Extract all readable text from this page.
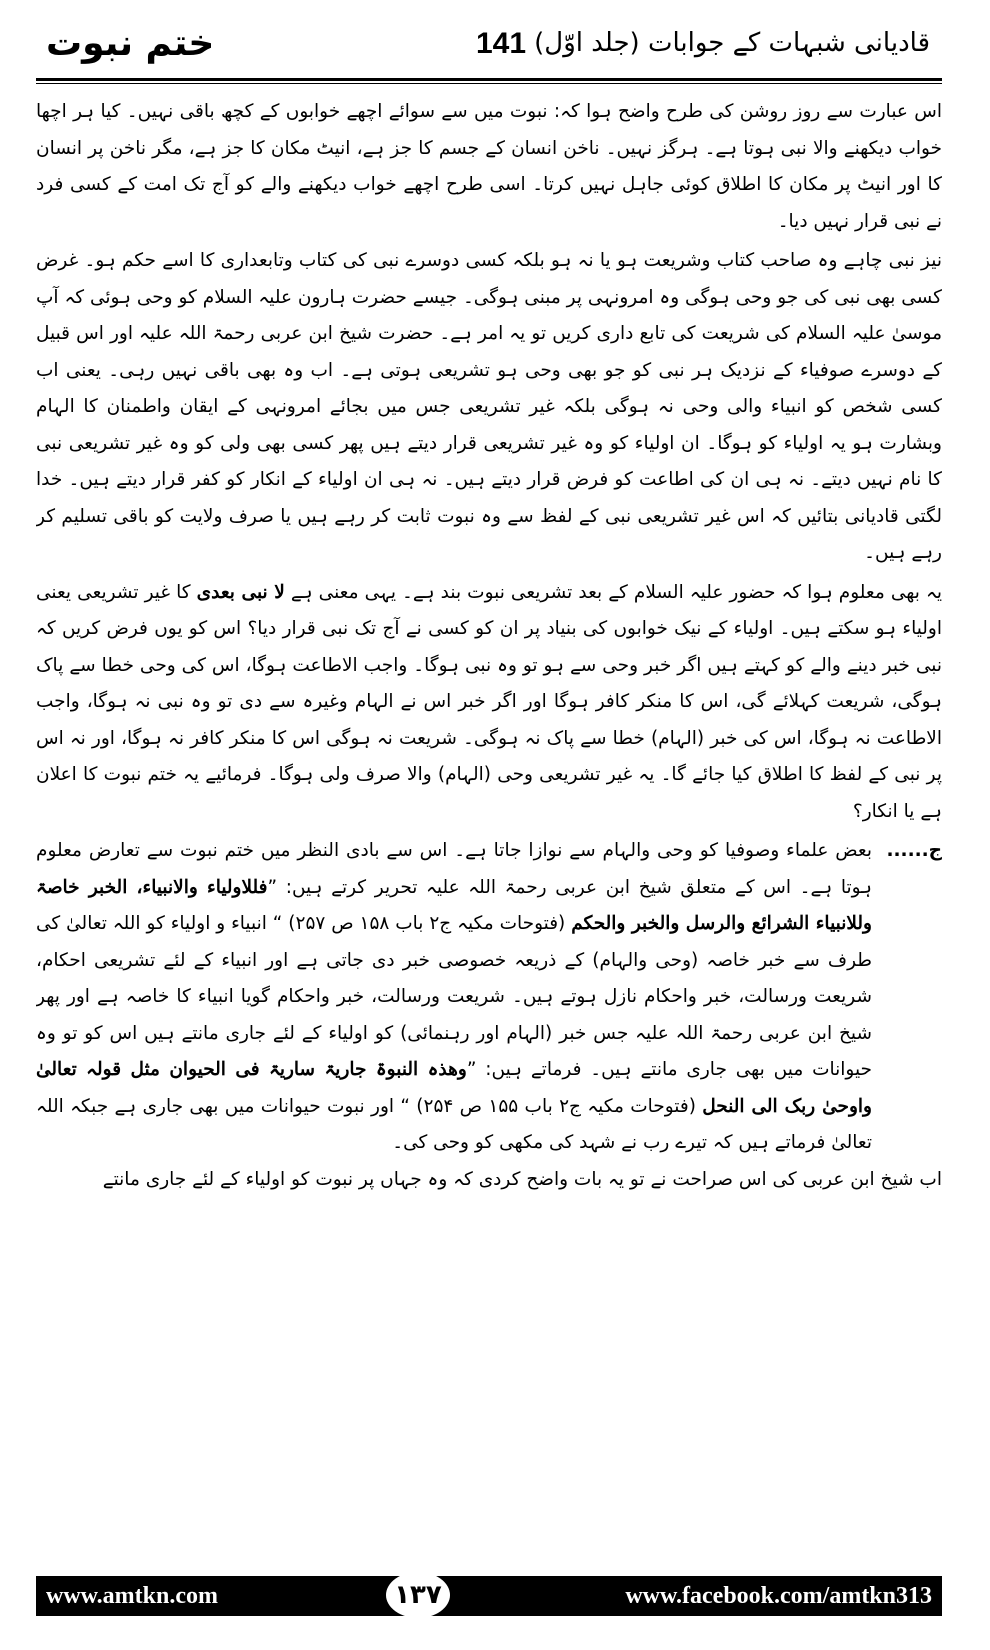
ختم نبوت	141 قادیانی شبہات کے جوابات (جلد اوّل)

اس عبارت سے روز روشن کی طرح واضح ہوا کہ: نبوت میں سے سوائے اچھے خوابوں کے کچھ باقی نہیں۔ کیا ہر اچھا خواب دیکھنے والا نبی ہوتا ہے۔ ہرگز نہیں۔ ناخن انسان کے جسم کا جز ہے، انیٹ مکان کا جز ہے، مگر ناخن پر انسان کا اور انیٹ پر مکان کا اطلاق کوئی جاہل نہیں کرتا۔ اسی طرح اچھے خواب دیکھنے والے کو آج تک امت کے کسی فرد نے نبی قرار نہیں دیا۔

نیز نبی چاہے وہ صاحب کتاب وشریعت ہو یا نہ ہو بلکہ کسی دوسرے نبی کی کتاب وتابعداری کا اسے حکم ہو۔ غرض کسی بھی نبی کی جو وحی ہوگی وہ امرونہی پر مبنی ہوگی۔ جیسے حضرت ہارون علیہ السلام کو وحی ہوئی کہ آپ موسیٰ علیہ السلام کی شریعت کی تابع داری کریں تو یہ امر ہے۔ حضرت شیخ ابن عربی رحمۃ اللہ علیہ اور اس قبیل کے دوسرے صوفیاء کے نزدیک ہر نبی کو جو بھی وحی ہو تشریعی ہوتی ہے۔ اب وہ بھی باقی نہیں رہی۔ یعنی اب کسی شخص کو انبیاء والی وحی نہ ہوگی بلکہ غیر تشریعی جس میں بجائے امرونہی کے ایقان واطمنان کا الہام وبشارت ہو یہ اولیاء کو ہوگا۔ ان اولیاء کو وہ غیر تشریعی قرار دیتے ہیں پھر کسی بھی ولی کو وہ غیر تشریعی نبی کا نام نہیں دیتے۔ نہ ہی ان کی اطاعت کو فرض قرار دیتے ہیں۔ نہ ہی ان اولیاء کے انکار کو کفر قرار دیتے ہیں۔ خدا لگتی قادیانی بتائیں کہ اس غیر تشریعی نبی کے لفظ سے وہ نبوت ثابت کر رہے ہیں یا صرف ولایت کو باقی تسلیم کر رہے ہیں۔

یہ بھی معلوم ہوا کہ حضور علیہ السلام کے بعد تشریعی نبوت بند ہے۔ یہی معنی ہے لا نبی بعدی کا غیر تشریعی یعنی اولیاء ہو سکتے ہیں۔ اولیاء کے نیک خوابوں کی بنیاد پر ان کو کسی نے آج تک نبی قرار دیا؟ اس کو یوں فرض کریں کہ نبی خبر دینے والے کو کہتے ہیں اگر خبر وحی سے ہو تو وہ نبی ہوگا۔ واجب الاطاعت ہوگا، اس کی وحی خطا سے پاک ہوگی، شریعت کہلائے گی، اس کا منکر کافر ہوگا اور اگر خبر اس نے الہام وغیرہ سے دی تو وہ نبی نہ ہوگا، واجب الاطاعت نہ ہوگا، اس کی خبر (الہام) خطا سے پاک نہ ہوگی۔ شریعت نہ ہوگی اس کا منکر کافر نہ ہوگا، اور نہ اس پر نبی کے لفظ کا اطلاق کیا جائے گا۔ یہ غیر تشریعی وحی (الہام) والا صرف ولی ہوگا۔ فرمائیے یہ ختم نبوت کا اعلان ہے یا انکار؟

ج......
بعض علماء وصوفیا کو وحی والہام سے نوازا جاتا ہے۔ اس سے بادی النظر میں ختم نبوت سے تعارض معلوم ہوتا ہے۔ اس کے متعلق شیخ ابن عربی رحمۃ اللہ علیہ تحریر کرتے ہیں: ”فللاولیاء والانبیاء، الخبر خاصۃ وللانبیاء الشرائع والرسل والخبر والحکم (فتوحات مکیہ ج۲ باب ۱۵۸ ص ۲۵۷) “ انبیاء و اولیاء کو اللہ تعالیٰ کی طرف سے خبر خاصہ (وحی والہام) کے ذریعہ خصوصی خبر دی جاتی ہے اور انبیاء کے لئے تشریعی احکام، شریعت ورسالت، خبر واحکام نازل ہوتے ہیں۔ شریعت ورسالت، خبر واحکام گویا انبیاء کا خاصہ ہے اور پھر شیخ ابن عربی رحمۃ اللہ علیہ جس خبر (الہام اور رہنمائی) کو اولیاء کے لئے جاری مانتے ہیں اس کو تو وہ حیوانات میں بھی جاری مانتے ہیں۔ فرماتے ہیں: ”وھذہ النبوۃ جاریۃ ساریۃ فی الحیوان مثل قولہ تعالیٰ واوحیٰ ربک الی النحل (فتوحات مکیہ ج۲ باب ۱۵۵ ص ۲۵۴) “ اور نبوت حیوانات میں بھی جاری ہے جبکہ اللہ تعالیٰ فرماتے ہیں کہ تیرے رب نے شہد کی مکھی کو وحی کی۔

اب شیخ ابن عربی کی اس صراحت نے تو یہ بات واضح کردی کہ وہ جہاں پر نبوت کو اولیاء کے لئے جاری مانتے

www.amtkn.com	۱۳۷	www.facebook.com/amtkn313
